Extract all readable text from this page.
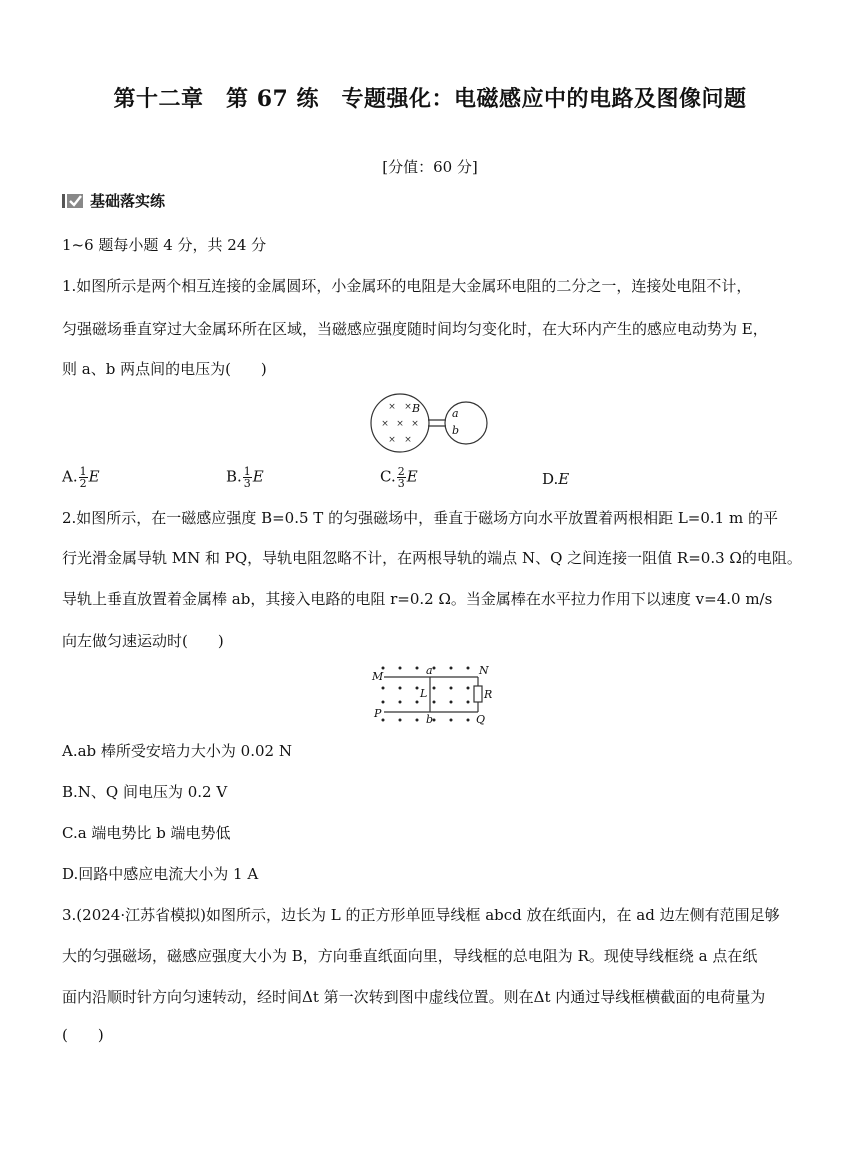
第十二章　第 67 练　专题强化：电磁感应中的电路及图像问题
[分值：60 分]
基础落实练
1~6 题每小题 4 分，共 24 分
1.如图所示是两个相互连接的金属圆环，小金属环的电阻是大金属环电阻的二分之一，连接处电阻不计，
匀强磁场垂直穿过大金属环所在区域，当磁感应强度随时间均匀变化时，在大环内产生的感应电动势为 E，
则 a、b 两点间的电压为(　　)
× ×
× × ×
× ×
B	a
b
A. $\frac{1}{2}$ E	B. $\frac{1}{3}$ E	C. $\frac{2}{3}$ E	D.E
2.如图所示，在一磁感应强度 B=0.5 T 的匀强磁场中，垂直于磁场方向水平放置着两根相距 L=0.1 m 的平
行光滑金属导轨 MN 和 PQ，导轨电阻忽略不计，在两根导轨的端点 N、Q 之间连接一阻值 R=0.3 Ω的电阻。
导轨上垂直放置着金属棒 ab，其接入电路的电阻 r=0.2 Ω。当金属棒在水平拉力作用下以速度 v=4.0 m/s
向左做匀速运动时(　　)
M
P
a
b
L
N
R
Q
A.ab 棒所受安培力大小为 0.02 N
B.N、Q 间电压为 0.2 V
C.a 端电势比 b 端电势低
D.回路中感应电流大小为 1 A
3.(2024·江苏省模拟)如图所示，边长为 L 的正方形单匝导线框 abcd 放在纸面内，在 ad 边左侧有范围足够
大的匀强磁场，磁感应强度大小为 B，方向垂直纸面向里，导线框的总电阻为 R。现使导线框绕 a 点在纸
面内沿顺时针方向匀速转动，经时间Δt 第一次转到图中虚线位置。则在Δt 内通过导线框横截面的电荷量为
(　　)
